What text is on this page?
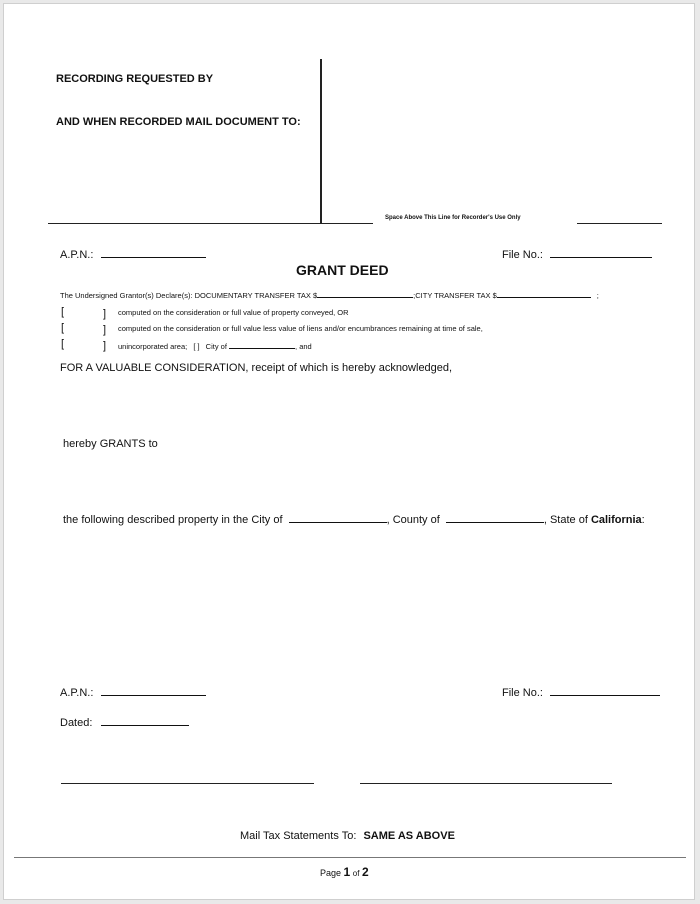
RECORDING REQUESTED BY
AND WHEN RECORDED MAIL DOCUMENT TO:
Space Above This Line for Recorder's Use Only
A.P.N.:	File No.:
GRANT DEED
The Undersigned Grantor(s) Declare(s): DOCUMENTARY TRANSFER TAX $	;CITY TRANSFER TAX $	;
[	] computed on the consideration or full value of property conveyed, OR
[	] computed on the consideration or full value less value of liens and/or encumbrances remaining at time of sale,
[	] unincorporated area; [ ] City of	, and
FOR A VALUABLE CONSIDERATION, receipt of which is hereby acknowledged,
hereby GRANTS to
the following described property in the City of	, County of	, State of California:
A.P.N.:	File No.:
Dated:
Mail Tax Statements To: SAME AS ABOVE
Page 1 of 2
